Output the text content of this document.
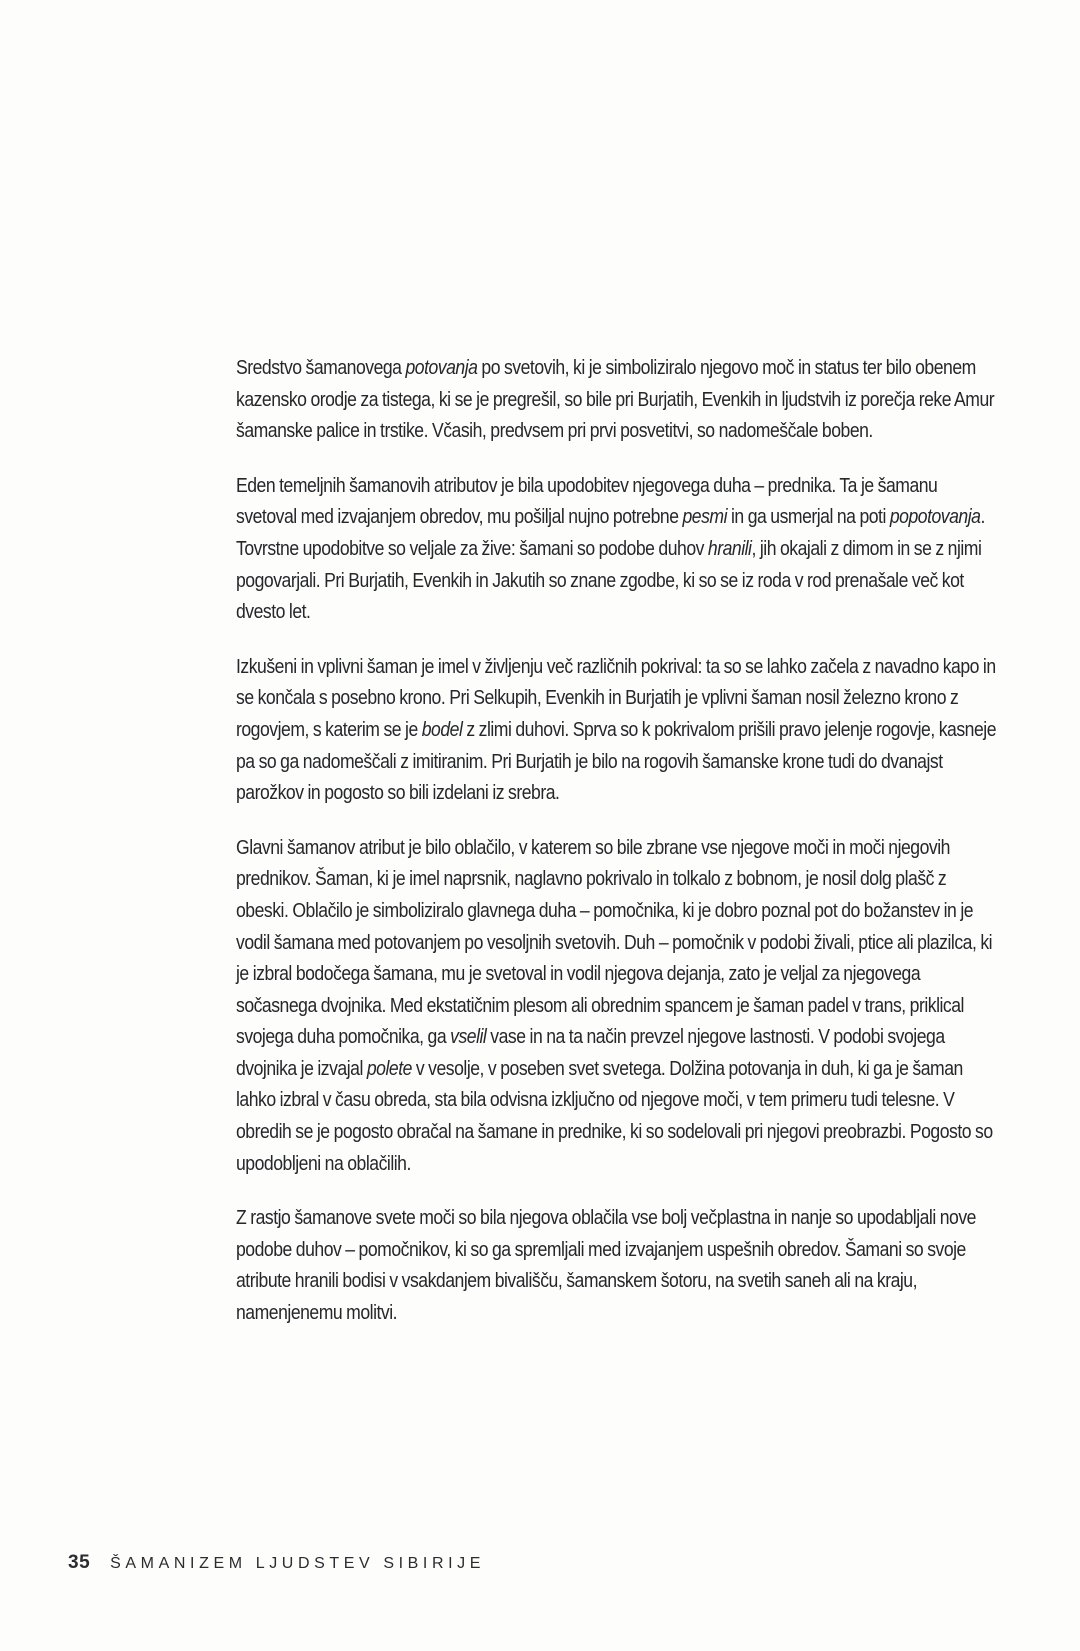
Sredstvo šamanovega potovanja po svetovih, ki je simboliziralo njegovo moč in status ter bilo obenem kazensko orodje za tistega, ki se je pregrešil, so bile pri Burjatih, Evenkih in ljudstvih iz porečja reke Amur šamanske palice in trstike. Včasih, predvsem pri prvi posvetitvi, so nadomeščale boben.

Eden temeljnih šamanovih atributov je bila upodobitev njegovega duha – prednika. Ta je šamanu svetoval med izvajanjem obredov, mu pošiljal nujno potrebne pesmi in ga usmerjal na poti popotovanja. Tovrstne upodobitve so veljale za žive: šamani so podobe duhov hranili, jih okajali z dimom in se z njimi pogovarjali. Pri Burjatih, Evenkih in Jakutih so znane zgodbe, ki so se iz roda v rod prenašale več kot dvesto let.

Izkušeni in vplivni šaman je imel v življenju več različnih pokrival: ta so se lahko začela z navadno kapo in se končala s posebno krono. Pri Selkupih, Evenkih in Burjatih je vplivni šaman nosil železno krono z rogovjem, s katerim se je bodel z zlimi duhovi. Sprva so k pokrivalom prišili pravo jelenje rogovje, kasneje pa so ga nadomeščali z imitiranim. Pri Burjatih je bilo na rogovih šamanske krone tudi do dvanajst parožkov in pogosto so bili izdelani iz srebra.

Glavni šamanov atribut je bilo oblačilo, v katerem so bile zbrane vse njegove moči in moči njegovih prednikov. Šaman, ki je imel naprsnik, naglavno pokrivalo in tolkalo z bobnom, je nosil dolg plašč z obeski. Oblačilo je simboliziralo glavnega duha – pomočnika, ki je dobro poznal pot do božanstev in je vodil šamana med potovanjem po vesoljnih svetovih. Duh – pomočnik v podobi živali, ptice ali plazilca, ki je izbral bodočega šamana, mu je svetoval in vodil njegova dejanja, zato je veljal za njegovega sočasnega dvojnika. Med ekstatičnim plesom ali obrednim spancem je šaman padel v trans, priklical svojega duha pomočnika, ga vselil vase in na ta način prevzel njegove lastnosti. V podobi svojega dvojnika je izvajal polete v vesolje, v poseben svet svetega. Dolžina potovanja in duh, ki ga je šaman lahko izbral v času obreda, sta bila odvisna izključno od njegove moči, v tem primeru tudi telesne. V obredih se je pogosto obračal na šamane in prednike, ki so sodelovali pri njegovi preobrazbi. Pogosto so upodobljeni na oblačilih.

Z rastjo šamanove svete moči so bila njegova oblačila vse bolj večplastna in nanje so upodabljali nove podobe duhov – pomočnikov, ki so ga spremljali med izvajanjem uspešnih obredov. Šamani so svoje atribute hranili bodisi v vsakdanjem bivališču, šamanskem šotoru, na svetih saneh ali na kraju, namenjenemu molitvi.

35 ŠAMANIZEM LJUDSTEV SIBIRIJE
